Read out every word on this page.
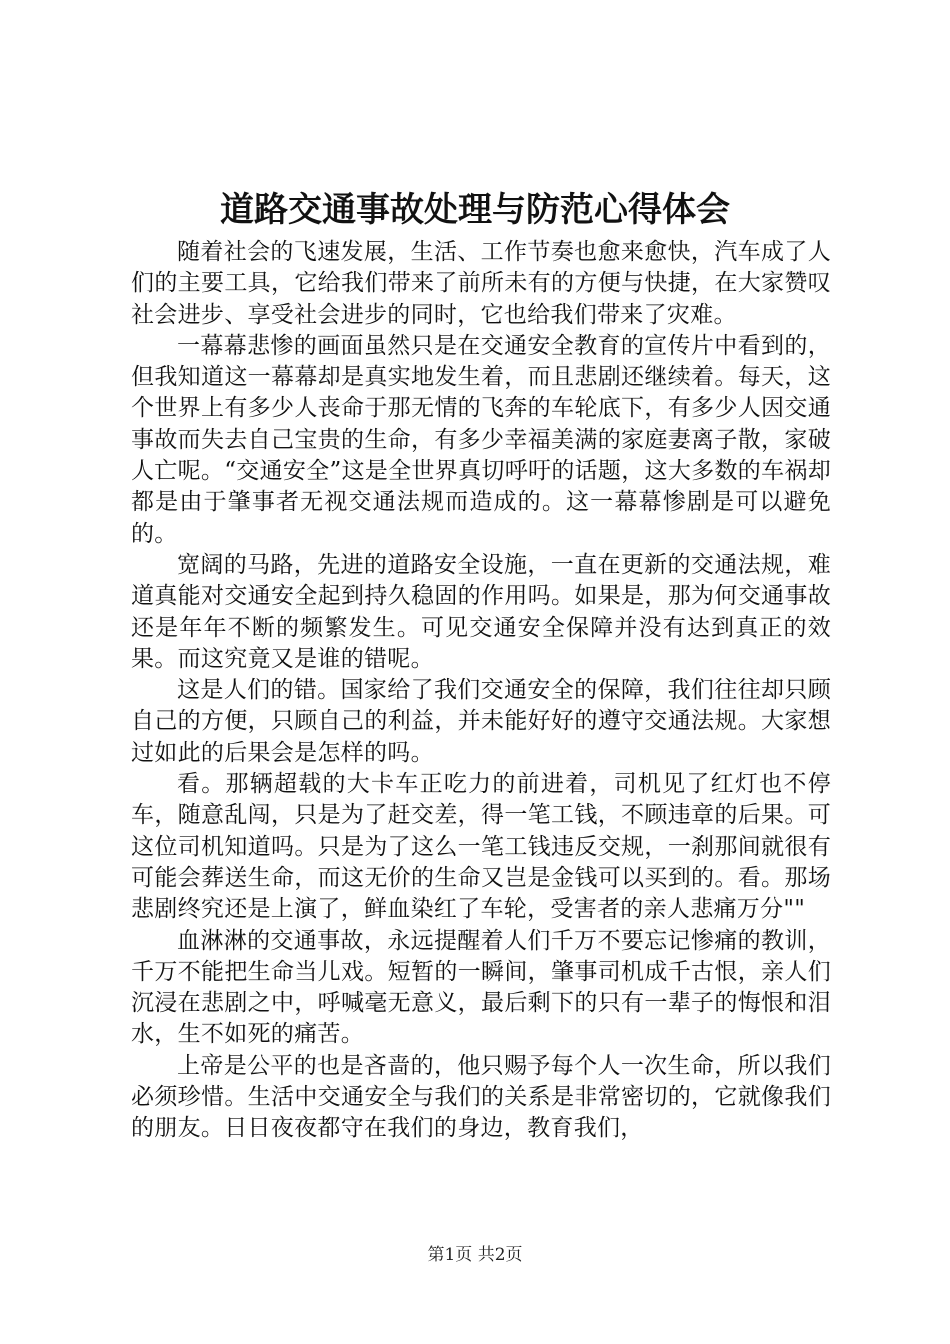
道路交通事故处理与防范心得体会

随着社会的飞速发展，生活、工作节奏也愈来愈快，汽车成了人们的主要工具，它给我们带来了前所未有的方便与快捷，在大家赞叹社会进步、享受社会进步的同时，它也给我们带来了灾难。

一幕幕悲惨的画面虽然只是在交通安全教育的宣传片中看到的，但我知道这一幕幕却是真实地发生着，而且悲剧还继续着。每天，这个世界上有多少人丧命于那无情的飞奔的车轮底下，有多少人因交通事故而失去自己宝贵的生命，有多少幸福美满的家庭妻离子散，家破人亡呢。“交通安全”这是全世界真切呼吁的话题，这大多数的车祸却都是由于肇事者无视交通法规而造成的。这一幕幕惨剧是可以避免的。

宽阔的马路，先进的道路安全设施，一直在更新的交通法规，难道真能对交通安全起到持久稳固的作用吗。如果是，那为何交通事故还是年年不断的频繁发生。可见交通安全保障并没有达到真正的效果。而这究竟又是谁的错呢。

这是人们的错。国家给了我们交通安全的保障，我们往往却只顾自己的方便，只顾自己的利益，并未能好好的遵守交通法规。大家想过如此的后果会是怎样的吗。

看。那辆超载的大卡车正吃力的前进着，司机见了红灯也不停车，随意乱闯，只是为了赶交差，得一笔工钱，不顾违章的后果。可这位司机知道吗。只是为了这么一笔工钱违反交规，一刹那间就很有可能会葬送生命，而这无价的生命又岂是金钱可以买到的。看。那场悲剧终究还是上演了，鲜血染红了车轮，受害者的亲人悲痛万分""

血淋淋的交通事故，永远提醒着人们千万不要忘记惨痛的教训，千万不能把生命当儿戏。短暂的一瞬间，肇事司机成千古恨，亲人们沉浸在悲剧之中，呼喊毫无意义，最后剩下的只有一辈子的悔恨和泪水，生不如死的痛苦。

上帝是公平的也是吝啬的，他只赐予每个人一次生命，所以我们必须珍惜。生活中交通安全与我们的关系是非常密切的，它就像我们的朋友。日日夜夜都守在我们的身边，教育我们，

第1页 共2页
